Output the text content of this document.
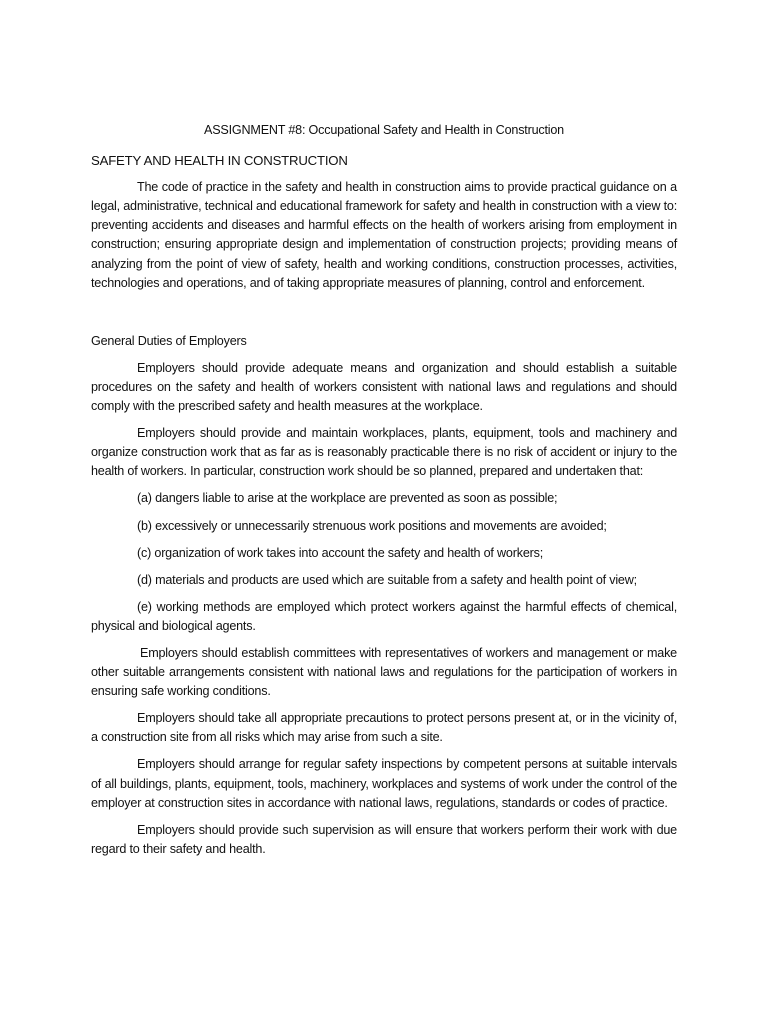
ASSIGNMENT #8: Occupational Safety and Health in Construction
SAFETY AND HEALTH IN CONSTRUCTION

The code of practice in the safety and health in construction aims to provide practical guidance on a legal, administrative, technical and educational framework for safety and health in construction with a view to: preventing accidents and diseases and harmful effects on the health of workers arising from employment in construction; ensuring appropriate design and implementation of construction projects; providing means of analyzing from the point of view of safety, health and working conditions, construction processes, activities, technologies and operations, and of taking appropriate measures of planning, control and enforcement.

General Duties of Employers

Employers should provide adequate means and organization and should establish a suitable procedures on the safety and health of workers consistent with national laws and regulations and should comply with the prescribed safety and health measures at the workplace.

Employers should provide and maintain workplaces, plants, equipment, tools and machinery and organize construction work that as far as is reasonably practicable there is no risk of accident or injury to the health of workers. In particular, construction work should be so planned, prepared and undertaken that:

(a) dangers liable to arise at the workplace are prevented as soon as possible;

(b) excessively or unnecessarily strenuous work positions and movements are avoided;

(c) organization of work takes into account the safety and health of workers;

(d) materials and products are used which are suitable from a safety and health point of view;

(e) working methods are employed which protect workers against the harmful effects of chemical, physical and biological agents.

Employers should establish committees with representatives of workers and management or make other suitable arrangements consistent with national laws and regulations for the participation of workers in ensuring safe working conditions.

Employers should take all appropriate precautions to protect persons present at, or in the vicinity of, a construction site from all risks which may arise from such a site.

Employers should arrange for regular safety inspections by competent persons at suitable intervals of all buildings, plants, equipment, tools, machinery, workplaces and systems of work under the control of the employer at construction sites in accordance with national laws, regulations, standards or codes of practice.

Employers should provide such supervision as will ensure that workers perform their work with due regard to their safety and health.
